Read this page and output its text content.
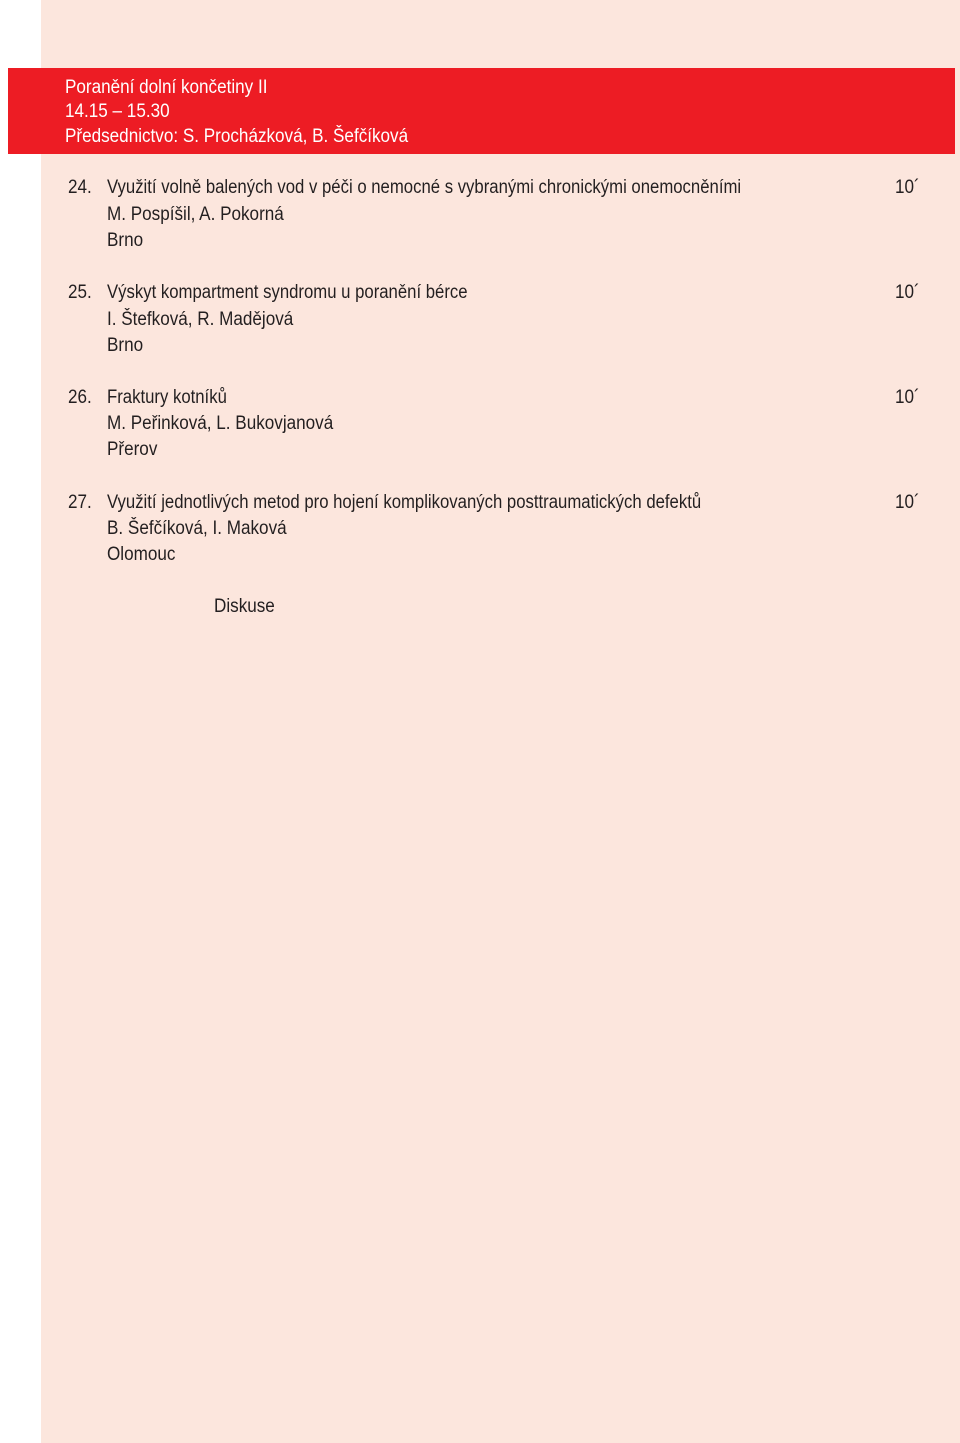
Poranění dolní končetiny II
14.15 – 15.30
Předsednictvo: S. Procházková, B. Šefčíková
24. Využití volně balených vod v péči o nemocné s vybranými chronickými onemocněními	10´
M. Pospíšil, A. Pokorná
Brno
25. Výskyt kompartment syndromu u poranění bérce	10´
I. Štefková, R. Madějová
Brno
26. Fraktury kotníků	10´
M. Peřinková, L. Bukovjanová
Přerov
27. Využití jednotlivých metod pro hojení komplikovaných posttraumatických defektů	10´
B. Šefčíková, I. Maková
Olomouc
Diskuse
